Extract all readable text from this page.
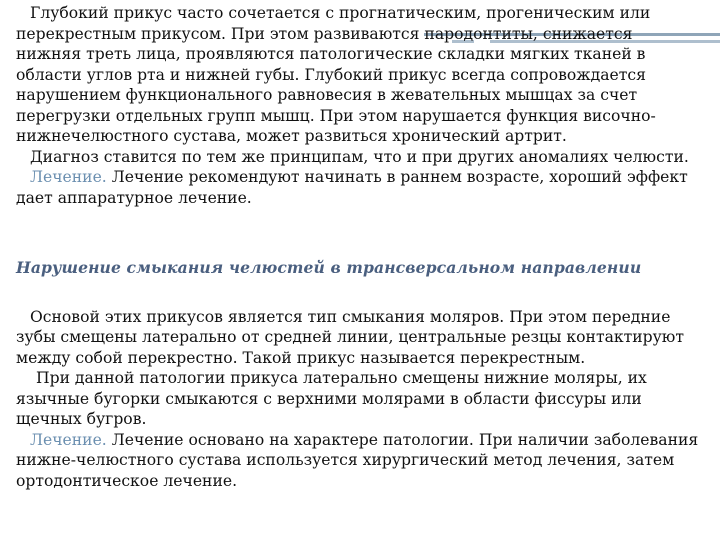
Глубокий прикус часто сочетается с прогнатическим, прогеническим или перекрестным прикусом. При этом развиваются пародонтиты, снижается нижняя треть лица, проявляются патологические складки мягких тканей в области углов рта и нижней губы. Глубокий прикус всегда сопровождается нарушением функционального равновесия в жевательных мышцах за счет перегрузки отдельных групп мышц. При этом нарушается функция височно-нижнечелюстного сустава, может развиться хронический артрит.

Диагноз ставится по тем же принципам, что и при других аномалиях челюсти.

Лечение. Лечение рекомендуют начинать в раннем возрасте, хороший эффект дает аппаратурное лечение.

Нарушение смыкания челюстей в трансверсальном направлении

Основой этих прикусов является тип смыкания моляров. При этом передние зубы смещены латерально от средней линии, центральные резцы контактируют между собой перекрестно. Такой прикус называется перекрестным.

При данной патологии прикуса латерально смещены нижние моляры, их язычные бугорки смыкаются с верхними молярами в области фиссуры или щечных бугров.

Лечение. Лечение основано на характере патологии. При наличии заболевания нижне-челюстного сустава используется хирургический метод лечения, затем ортодонтическое лечение.
